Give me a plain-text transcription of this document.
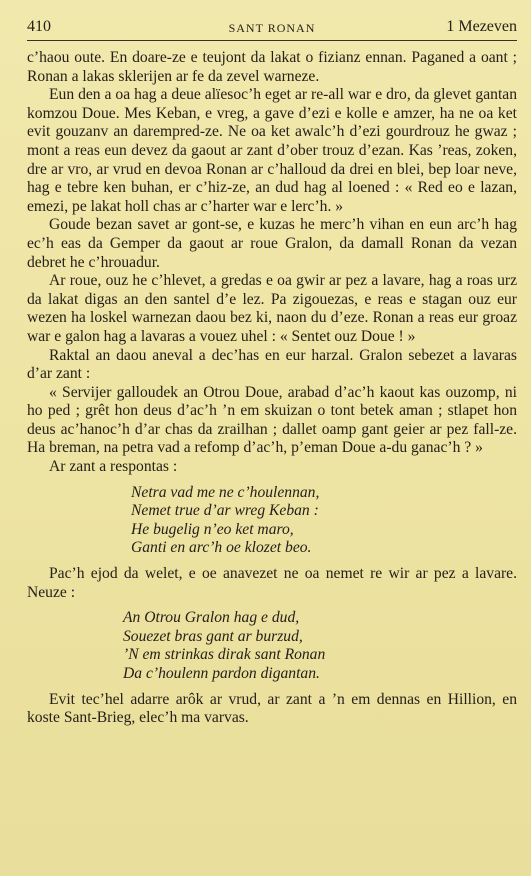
410	SANT RONAN	1 Mezeven

c’haou oute. En doare-ze e teujont da lakat o fizianz ennan. Paganed a oant ; Ronan a lakas sklerijen ar fe da zevel warneze.

Eun den a oa hag a deue alïesoc’h eget ar re-all war e dro, da glevet gantan komzou Doue. Mes Keban, e vreg, a gave d’ezi e kolle e amzer, ha ne oa ket evit gouzanv an darempred-ze. Ne oa ket awalc’h d’ezi gourdrouz he gwaz ; mont a reas eun devez da gaout ar zant d’ober trouz d’ezan. Kas ’reas, zoken, dre ar vro, ar vrud en devoa Ronan ar c’halloud da drei en blei, bep loar neve, hag e tebre ken buhan, er c’hiz-ze, an dud hag al loened : « Red eo e lazan, emezi, pe lakat holl chas ar c’harter war e lerc’h. »

Goude bezan savet ar gont-se, e kuzas he merc’h vihan en eun arc’h hag ec’h eas da Gemper da gaout ar roue Gralon, da damall Ronan da vezan debret he c’hrouadur.

Ar roue, ouz he c’hlevet, a gredas e oa gwir ar pez a lavare, hag a roas urz da lakat digas an den santel d’e lez. Pa zigouezas, e reas e stagan ouz eur wezen ha loskel warnezan daou bez ki, naon du d’eze. Ronan a reas eur groaz war e galon hag a lavaras a vouez uhel : « Sentet ouz Doue ! »

Raktal an daou aneval a dec’has en eur harzal. Gralon sebezet a lavaras d’ar zant :

« Servijer galloudek an Otrou Doue, arabad d’ac’h kaout kas ouzomp, ni ho ped ; grêt hon deus d’ac’h ’n em skuizan o tont betek aman ; stlapet hon deus ac’hanoc’h d’ar chas da zrailhan ; dallet oamp gant geier ar pez fall-ze. Ha breman, na petra vad a refomp d’ac’h, p’eman Doue a-du ganac’h ? »

Ar zant a respontas :

Netra vad me ne c’houlennan,
Nemet true d’ar wreg Keban :
He bugelig n’eo ket maro,
Ganti en arc’h oe klozet beo.

Pac’h ejod da welet, e oe anavezet ne oa nemet re wir ar pez a lavare. Neuze :

An Otrou Gralon hag e dud,
Souezet bras gant ar burzud,
’N em strinkas dirak sant Ronan
Da c’houlenn pardon digantan.

Evit tec’hel adarre arôk ar vrud, ar zant a ’n em dennas en Hillion, en koste Sant-Brieg, elec’h ma varvas.
